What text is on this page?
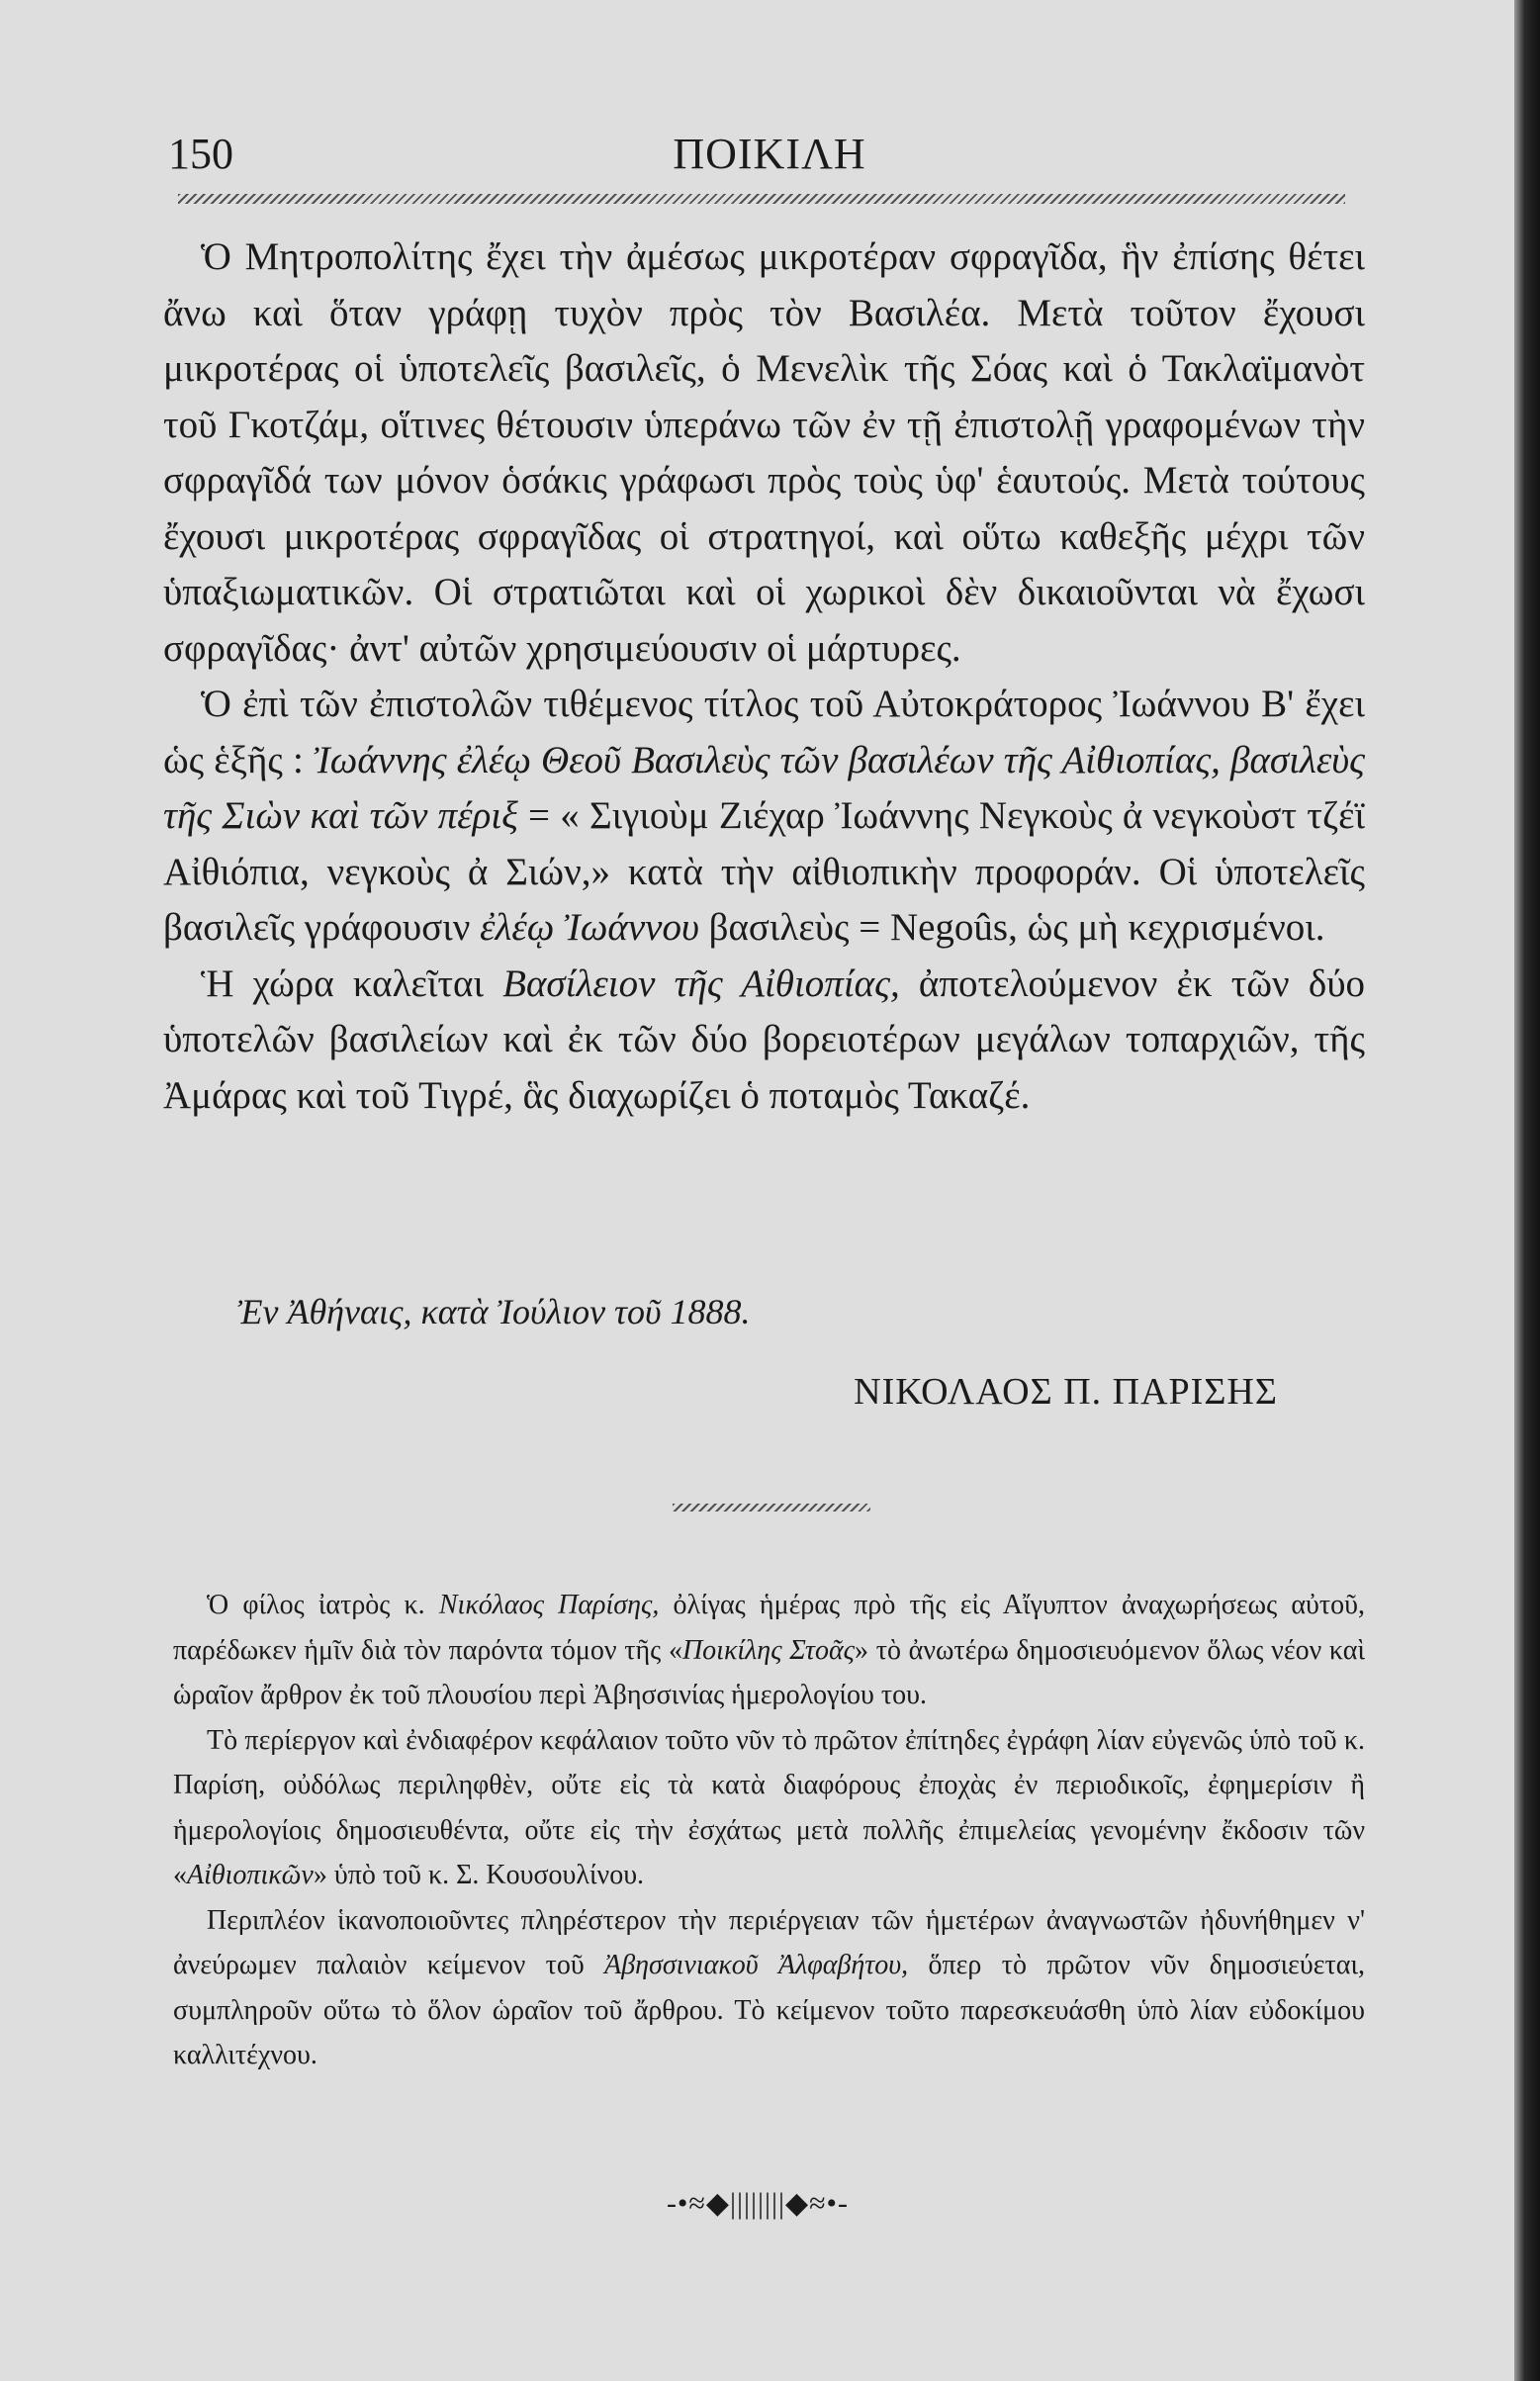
150	ΠΟΙΚΙΛΗ

Ὁ Μητροπολίτης ἔχει τὴν ἀμέσως μικροτέραν σφραγῖδα, ἣν ἐπίσης θέτει ἄνω καὶ ὅταν γράφῃ τυχὸν πρὸς τὸν Βασιλέα. Μετὰ τοῦτον ἔχουσι μικροτέρας οἱ ὑποτελεῖς βασιλεῖς, ὁ Μενελὶκ τῆς Σόας καὶ ὁ Τακλαϊμανὸτ τοῦ Γκοτζάμ, οἵτινες θέτουσιν ὑπεράνω τῶν ἐν τῇ ἐπιστολῇ γραφομένων τὴν σφραγῖδά των μόνον ὁσάκις γράφωσι πρὸς τοὺς ὑφ' ἑαυτούς. Μετὰ τούτους ἔχουσι μικροτέρας σφραγῖδας οἱ στρατηγοί, καὶ οὕτω καθεξῆς μέχρι τῶν ὑπαξιωματικῶν. Οἱ στρατιῶται καὶ οἱ χωρικοὶ δὲν δικαιοῦνται νὰ ἔχωσι σφραγῖδας· ἀντ' αὐτῶν χρησιμεύουσιν οἱ μάρτυρες.

Ὁ ἐπὶ τῶν ἐπιστολῶν τιθέμενος τίτλος τοῦ Αὐτοκράτορος Ἰωάννου Β' ἔχει ὡς ἑξῆς : Ἰωάννης ἐλέῳ Θεοῦ Βασιλεὺς τῶν βασιλέων τῆς Αἰθιοπίας, βασιλεὺς τῆς Σιὼν καὶ τῶν πέριξ = « Σιγιοὺμ Ζιέχαρ Ἰωάννης Νεγκοὺς ἀ νεγκοὺστ τζέϊ Αἰθιόπια, νεγκοὺς ἀ Σιών,» κατὰ τὴν αἰθιοπικὴν προφοράν. Οἱ ὑποτελεῖς βασιλεῖς γράφουσιν ἐλέῳ Ἰωάννου βασιλεὺς = Negoûs, ὡς μὴ κεχρισμένοι.

Ἡ χώρα καλεῖται Βασίλειον τῆς Αἰθιοπίας, ἀποτελούμενον ἐκ τῶν δύο ὑποτελῶν βασιλείων καὶ ἐκ τῶν δύο βορειοτέρων μεγάλων τοπαρχιῶν, τῆς Ἀμάρας καὶ τοῦ Τιγρέ, ἃς διαχωρίζει ὁ ποταμὸς Τακαζέ.

Ἐν Ἀθήναις, κατὰ Ἰούλιον τοῦ 1888.
ΝΙΚΟΛΑΟΣ Π. ΠΑΡΙΣΗΣ

Ὁ φίλος ἰατρὸς κ. Νικόλαος Παρίσης, ὀλίγας ἡμέρας πρὸ τῆς εἰς Αἴγυπτον ἀναχωρήσεως αὐτοῦ, παρέδωκεν ἡμῖν διὰ τὸν παρόντα τόμον τῆς «Ποικίλης Στοᾶς» τὸ ἀνωτέρω δημοσιευόμενον ὅλως νέον καὶ ὡραῖον ἄρθρον ἐκ τοῦ πλουσίου περὶ Ἀβησσινίας ἡμερολογίου του.

Τὸ περίεργον καὶ ἐνδιαφέρον κεφάλαιον τοῦτο νῦν τὸ πρῶτον ἐπίτηδες ἐγράφη λίαν εὐγενῶς ὑπὸ τοῦ κ. Παρίση, οὐδόλως περιληφθὲν, οὔτε εἰς τὰ κατὰ διαφόρους ἐποχὰς ἐν περιοδικοῖς, ἐφημερίσιν ἢ ἡμερολογίοις δημοσιευθέντα, οὔτε εἰς τὴν ἐσχάτως μετὰ πολλῆς ἐπιμελείας γενομένην ἔκδοσιν τῶν «Αἰθιοπικῶν» ὑπὸ τοῦ κ. Σ. Κουσουλίνου.

Περιπλέον ἱκανοποιοῦντες πληρέστερον τὴν περιέργειαν τῶν ἡμετέρων ἀναγνωστῶν ἠδυνήθημεν ν' ἀνεύρωμεν παλαιὸν κείμενον τοῦ Ἀβησσινιακοῦ Ἀλφαβήτου, ὅπερ τὸ πρῶτον νῦν δημοσιεύεται, συμπληροῦν οὕτω τὸ ὅλον ὡραῖον τοῦ ἄρθρου. Τὸ κείμενον τοῦτο παρεσκευάσθη ὑπὸ λίαν εὐδοκίμου καλλιτέχνου.

-•≈◆||||||||◆≈•-
